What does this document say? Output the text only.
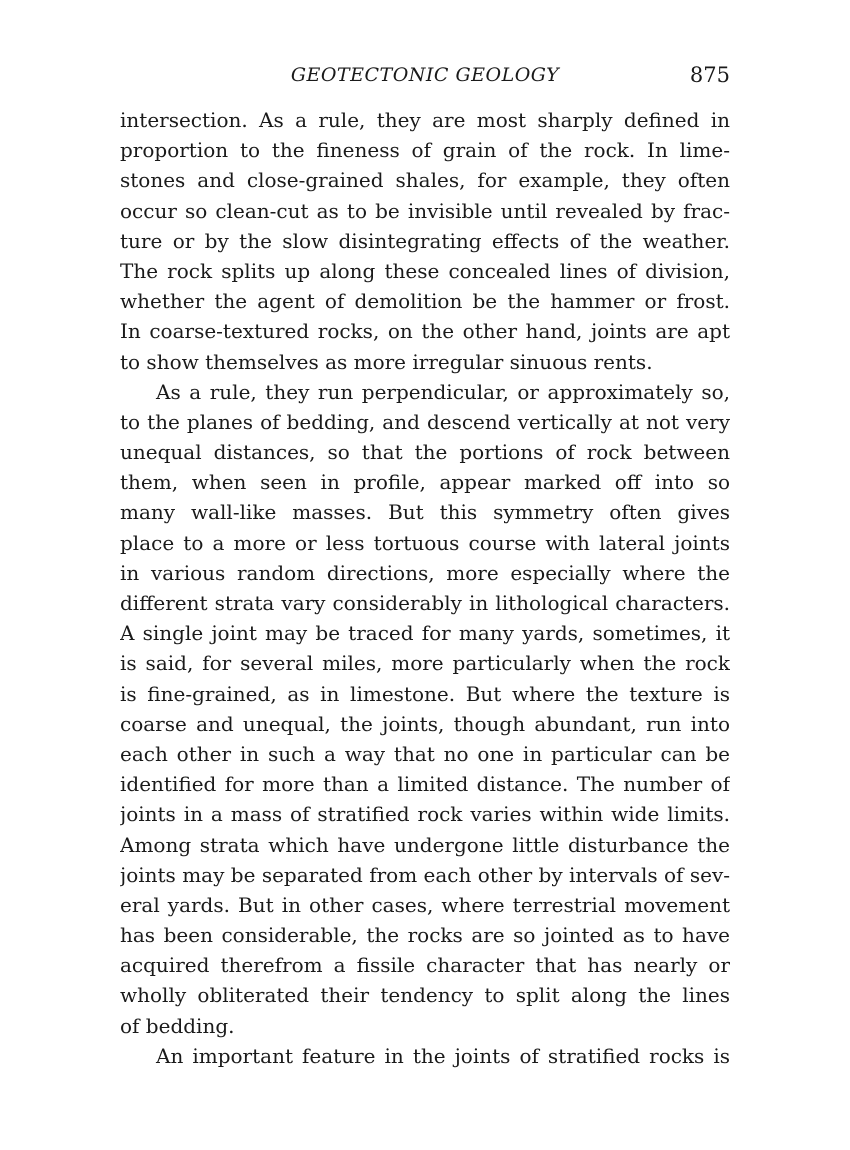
GEOTECTONIC GEOLOGY	875
intersection. As a rule, they are most sharply defined in
proportion to the fineness of grain of the rock. In lime-
stones and close-grained shales, for example, they often
occur so clean-cut as to be invisible until revealed by frac-
ture or by the slow disintegrating effects of the weather.
The rock splits up along these concealed lines of division,
whether the agent of demolition be the hammer or frost.
In coarse-textured rocks, on the other hand, joints are apt
to show themselves as more irregular sinuous rents.
As a rule, they run perpendicular, or approximately so,
to the planes of bedding, and descend vertically at not very
unequal distances, so that the portions of rock between
them, when seen in profile, appear marked off into so
many wall-like masses. But this symmetry often gives
place to a more or less tortuous course with lateral joints
in various random directions, more especially where the
different strata vary considerably in lithological characters.
A single joint may be traced for many yards, sometimes, it
is said, for several miles, more particularly when the rock
is fine-grained, as in limestone. But where the texture is
coarse and unequal, the joints, though abundant, run into
each other in such a way that no one in particular can be
identified for more than a limited distance. The number of
joints in a mass of stratified rock varies within wide limits.
Among strata which have undergone little disturbance the
joints may be separated from each other by intervals of sev-
eral yards. But in other cases, where terrestrial movement
has been considerable, the rocks are so jointed as to have
acquired therefrom a fissile character that has nearly or
wholly obliterated their tendency to split along the lines
of bedding.
An important feature in the joints of stratified rocks is
